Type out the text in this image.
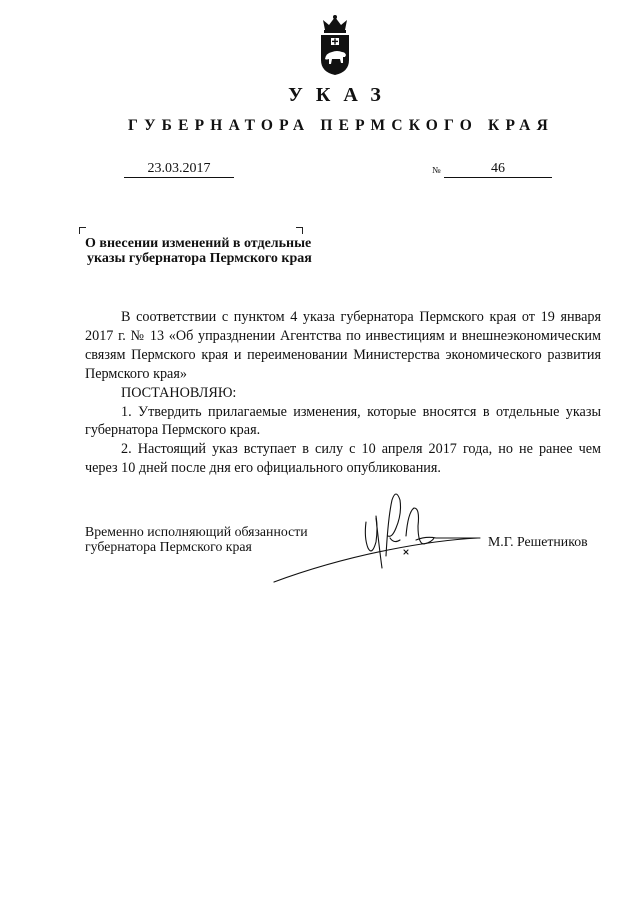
УКАЗ
ГУБЕРНАТОРА ПЕРМСКОГО КРАЯ
23.03.2017	№	46
О внесении изменений в отдельные
указы губернатора Пермского края

В соответствии с пунктом 4 указа губернатора Пермского края от 19 января 2017 г. № 13 «Об упразднении Агентства по инвестициям и внешнеэкономическим связям Пермского края и переименовании Министерства экономического развития Пермского края»

ПОСТАНОВЛЯЮ:

1. Утвердить прилагаемые изменения, которые вносятся в отдельные указы губернатора Пермского края.

2. Настоящий указ вступает в силу с 10 апреля 2017 года, но не ранее чем через 10 дней после дня его официального опубликования.

Временно исполняющий обязанности
губернатора Пермского края	М.Г. Решетников
